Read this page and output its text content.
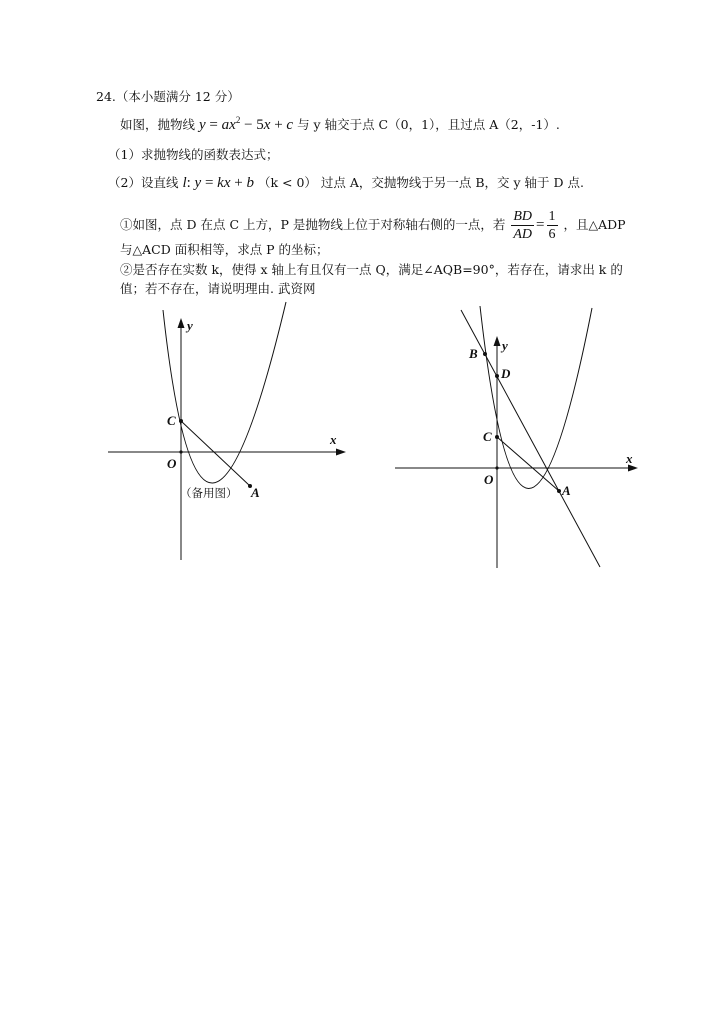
24.（本小题满分 12 分）
如图，抛物线 $y = ax^2 - 5x + c$ 与 y 轴交于点 C（0，1），且过点 A（2，-1）.
（1）求抛物线的函数表达式；
（2）设直线 l: y = kx + b （k < 0） 过点 A，交抛物线于另一点 B，交 y 轴于 D 点.
①如图，点 D 在点 C 上方，P 是抛物线上位于对称轴右侧的一点，若 $\frac{BD}{AD} = \frac{1}{6}$ ，且△ADP
与△ACD 面积相等，求点 P 的坐标；
②是否存在实数 k，使得 x 轴上有且仅有一点 Q，满足∠AQB=90°，若存在，请求出 k 的
值；若不存在，请说明理由. 武资网
y
x
C
O
A
（备用图）
y
B
D
C
O
A
x
